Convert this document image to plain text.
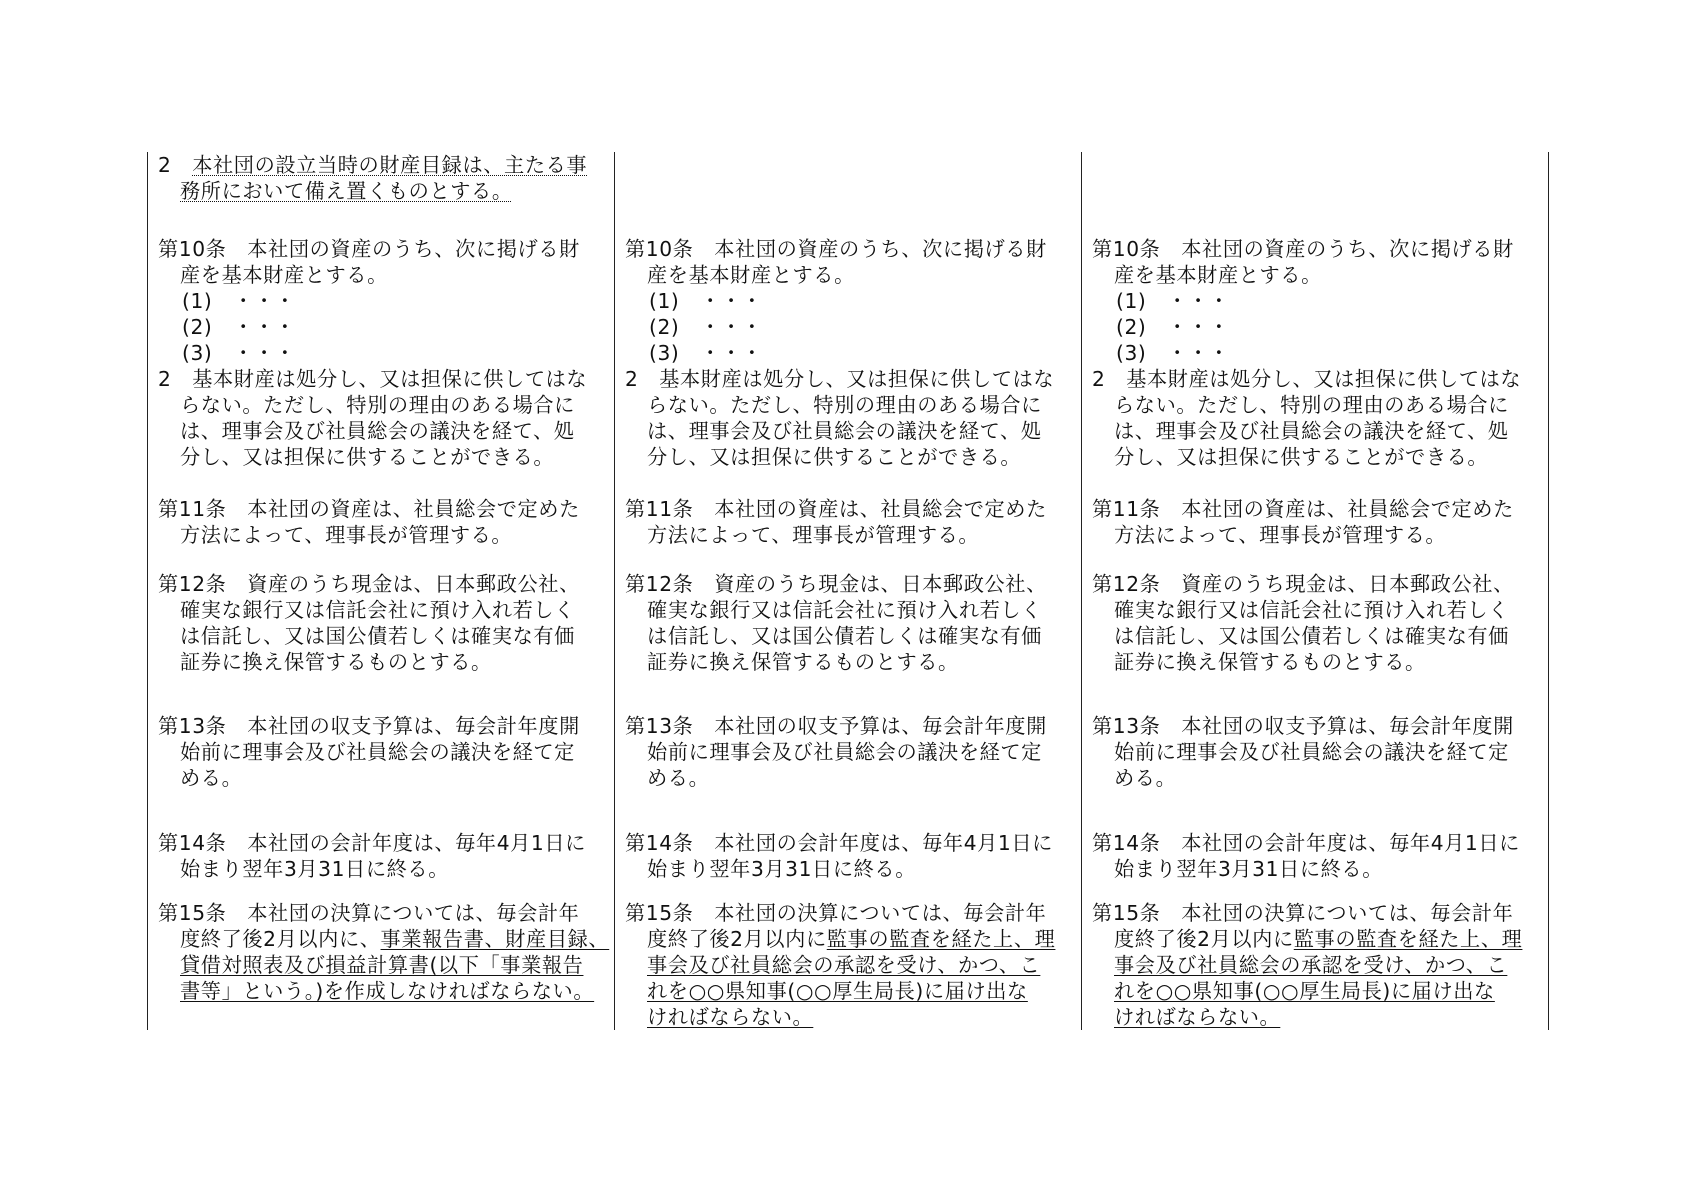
2　本社団の設立当時の財産目録は、主たる事
務所において備え置くものとする。
第10条　本社団の資産のうち、次に掲げる財
産を基本財産とする。
(1)　・・・
(2)　・・・
(3)　・・・
2　基本財産は処分し、又は担保に供してはな
らない。ただし、特別の理由のある場合に
は、理事会及び社員総会の議決を経て、処
分し、又は担保に供することができる。
第11条　本社団の資産は、社員総会で定めた
方法によって、理事長が管理する。
第12条　資産のうち現金は、日本郵政公社、
確実な銀行又は信託会社に預け入れ若しく
は信託し、又は国公債若しくは確実な有価
証券に換え保管するものとする。
第13条　本社団の収支予算は、毎会計年度開
始前に理事会及び社員総会の議決を経て定
める。
第14条　本社団の会計年度は、毎年4月1日に
始まり翌年3月31日に終る。
第15条　本社団の決算については、毎会計年
度終了後2月以内に、事業報告書、財産目録、
貸借対照表及び損益計算書(以下「事業報告
書等」という。)を作成しなければならない。
第10条　本社団の資産のうち、次に掲げる財
産を基本財産とする。
(1)　・・・
(2)　・・・
(3)　・・・
2　基本財産は処分し、又は担保に供してはな
らない。ただし、特別の理由のある場合に
は、理事会及び社員総会の議決を経て、処
分し、又は担保に供することができる。
第11条　本社団の資産は、社員総会で定めた
方法によって、理事長が管理する。
第12条　資産のうち現金は、日本郵政公社、
確実な銀行又は信託会社に預け入れ若しく
は信託し、又は国公債若しくは確実な有価
証券に換え保管するものとする。
第13条　本社団の収支予算は、毎会計年度開
始前に理事会及び社員総会の議決を経て定
める。
第14条　本社団の会計年度は、毎年4月1日に
始まり翌年3月31日に終る。
第15条　本社団の決算については、毎会計年
度終了後2月以内に監事の監査を経た上、理
事会及び社員総会の承認を受け、かつ、こ
れを○○県知事(○○厚生局長)に届け出な
ければならない。
第10条　本社団の資産のうち、次に掲げる財
産を基本財産とする。
(1)　・・・
(2)　・・・
(3)　・・・
2　基本財産は処分し、又は担保に供してはな
らない。ただし、特別の理由のある場合に
は、理事会及び社員総会の議決を経て、処
分し、又は担保に供することができる。
第11条　本社団の資産は、社員総会で定めた
方法によって、理事長が管理する。
第12条　資産のうち現金は、日本郵政公社、
確実な銀行又は信託会社に預け入れ若しく
は信託し、又は国公債若しくは確実な有価
証券に換え保管するものとする。
第13条　本社団の収支予算は、毎会計年度開
始前に理事会及び社員総会の議決を経て定
める。
第14条　本社団の会計年度は、毎年4月1日に
始まり翌年3月31日に終る。
第15条　本社団の決算については、毎会計年
度終了後2月以内に監事の監査を経た上、理
事会及び社員総会の承認を受け、かつ、こ
れを○○県知事(○○厚生局長)に届け出な
ければならない。
